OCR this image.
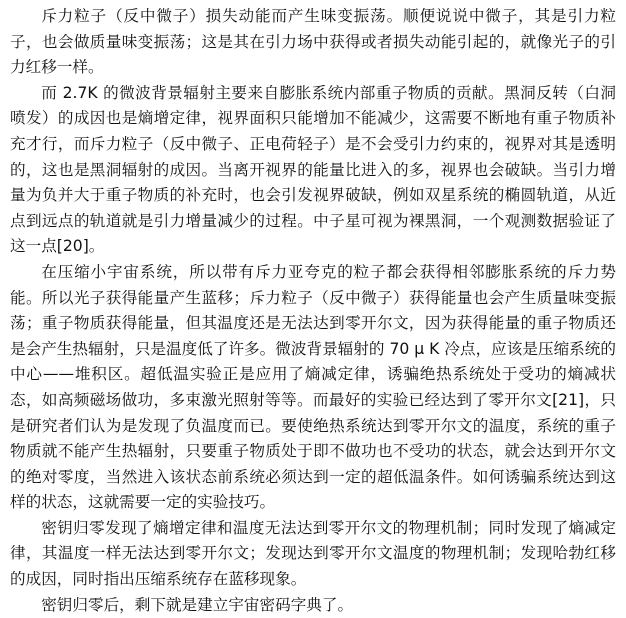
斥力粒子（反中微子）损失动能而产生味变振荡。顺便说说中微子，其是引力粒子，也会做质量味变振荡；这是其在引力场中获得或者损失动能引起的，就像光子的引力红移一样。

而 2.7K 的微波背景辐射主要来自膨胀系统内部重子物质的贡献。黑洞反转（白洞喷发）的成因也是熵增定律，视界面积只能增加不能减少，这需要不断地有重子物质补充才行，而斥力粒子（反中微子、正电荷轻子）是不会受引力约束的，视界对其是透明的，这也是黑洞辐射的成因。当离开视界的能量比进入的多，视界也会破缺。当引力增量为负并大于重子物质的补充时，也会引发视界破缺，例如双星系统的椭圆轨道，从近点到远点的轨道就是引力增量减少的过程。中子星可视为裸黑洞，一个观测数据验证了这一点[20]。

在压缩小宇宙系统，所以带有斥力亚夸克的粒子都会获得相邻膨胀系统的斥力势能。所以光子获得能量产生蓝移；斥力粒子（反中微子）获得能量也会产生质量味变振荡；重子物质获得能量，但其温度还是无法达到零开尔文，因为获得能量的重子物质还是会产生热辐射，只是温度低了许多。微波背景辐射的 70 μ K 冷点，应该是压缩系统的中心——堆积区。超低温实验正是应用了熵减定律，诱骗绝热系统处于受功的熵减状态，如高频磁场做功，多束激光照射等等。而最好的实验已经达到了零开尔文[21]，只是研究者们认为是发现了负温度而已。要使绝热系统达到零开尔文的温度，系统的重子物质就不能产生热辐射，只要重子物质处于即不做功也不受功的状态，就会达到开尔文的绝对零度，当然进入该状态前系统必须达到一定的超低温条件。如何诱骗系统达到这样的状态，这就需要一定的实验技巧。

密钥归零发现了熵增定律和温度无法达到零开尔文的物理机制；同时发现了熵减定律，其温度一样无法达到零开尔文；发现达到零开尔文温度的物理机制；发现哈勃红移的成因，同时指出压缩系统存在蓝移现象。

密钥归零后，剩下就是建立宇宙密码字典了。
